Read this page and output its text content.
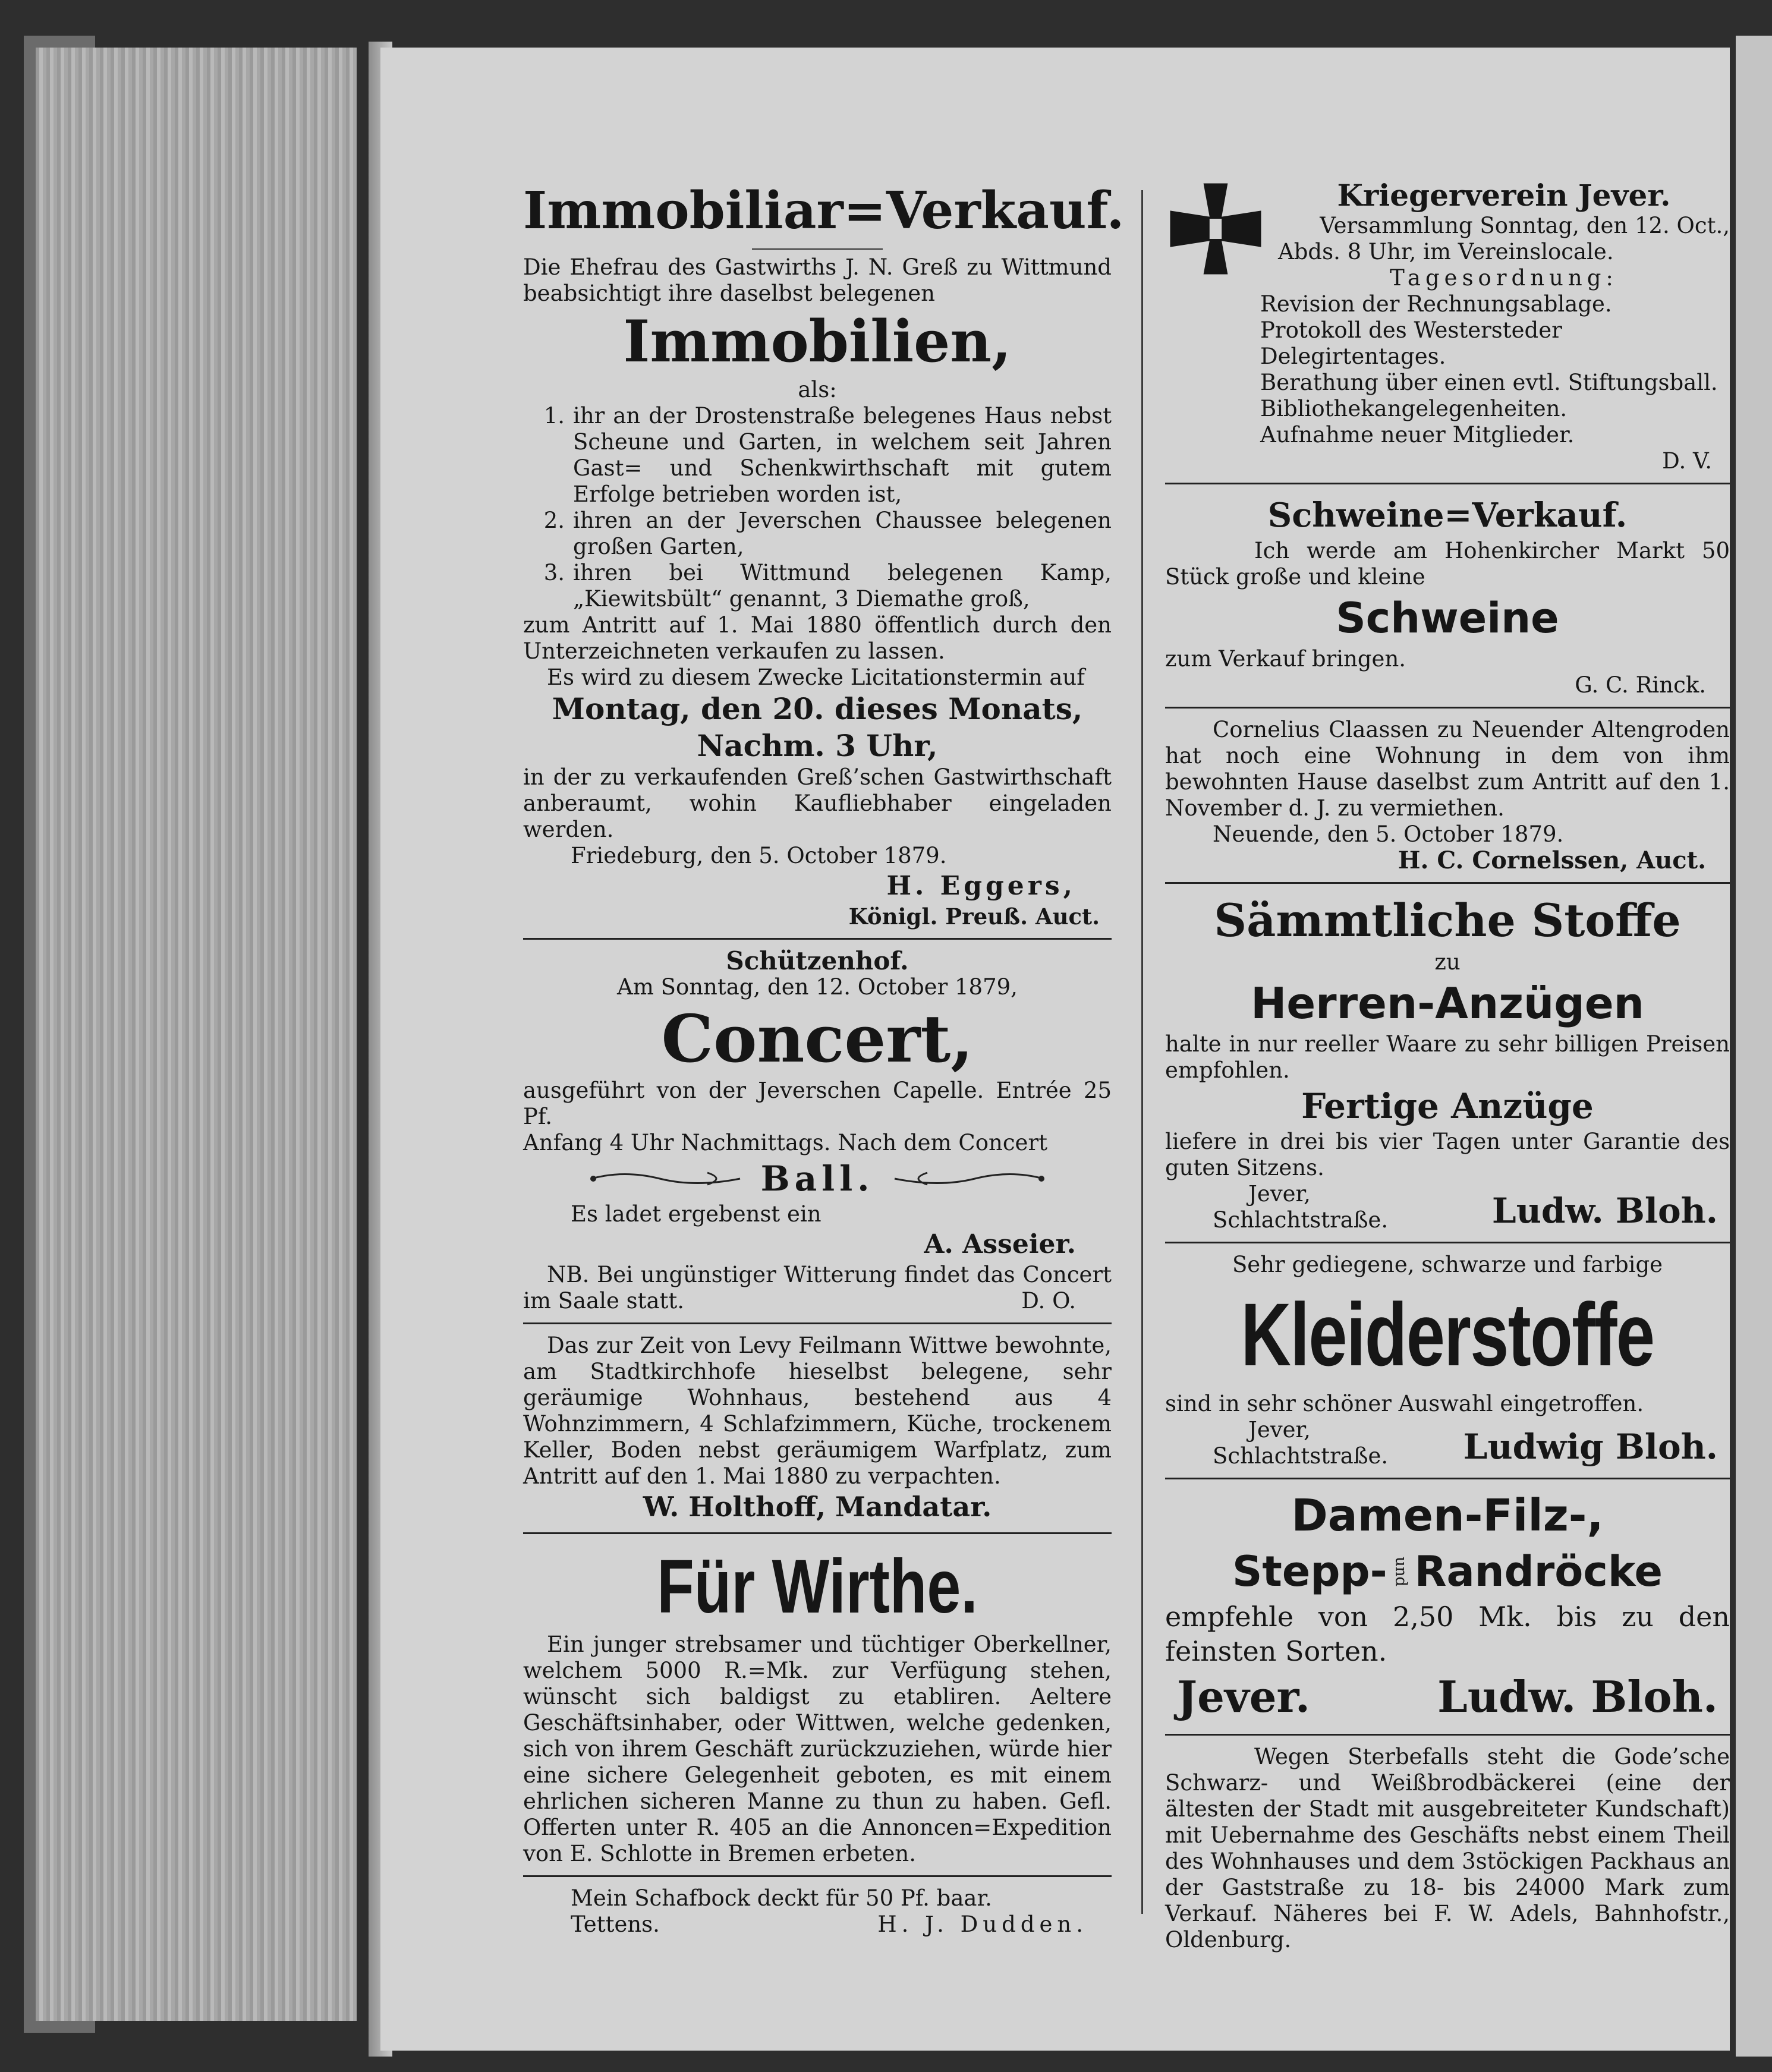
Immobiliar=Verkauf.

Die Ehefrau des Gastwirths J. N. Greß zu Wittmund beabsichtigt ihre daselbst belegenen

Immobilien,

als:

1. ihr an der Drostenstraße belegenes Haus nebst Scheune und Garten, in welchem seit Jahren Gast= und Schenkwirthschaft mit gutem Erfolge betrieben worden ist,
2. ihren an der Jeverschen Chaussee belegenen großen Garten,
3. ihren bei Wittmund belegenen Kamp, „Kiewitsbült“ genannt, 3 Diemathe groß,

zum Antritt auf 1. Mai 1880 öffentlich durch den Unterzeichneten verkaufen zu lassen.

Es wird zu diesem Zwecke Licitationstermin auf

Montag, den 20. dieses Monats,

Nachm. 3 Uhr,

in der zu verkaufenden Greß’schen Gastwirthschaft anberaumt, wohin Kaufliebhaber eingeladen werden.

Friedeburg, den 5. October 1879.

H. Eggers,

Königl. Preuß. Auct.

Schützenhof.

Am Sonntag, den 12. October 1879,

Concert,

ausgeführt von der Jeverschen Capelle. Entrée 25 Pf.

Anfang 4 Uhr Nachmittags. Nach dem Concert

Ball.

Es ladet ergebenst ein

A. Asseier.

NB. Bei ungünstiger Witterung findet das Concert im Saale statt.	D. O.

Das zur Zeit von Levy Feilmann Wittwe bewohnte, am Stadtkirchhofe hieselbst belegene, sehr geräumige Wohnhaus, bestehend aus 4 Wohnzimmern, 4 Schlafzimmern, Küche, trockenem Keller, Boden nebst geräumigem Warfplatz, zum Antritt auf den 1. Mai 1880 zu verpachten.

W. Holthoff, Mandatar.

Für Wirthe.

Ein junger strebsamer und tüchtiger Oberkellner, welchem 5000 R.=Mk. zur Verfügung stehen, wünscht sich baldigst zu etabliren. Aeltere Geschäftsinhaber, oder Wittwen, welche gedenken, sich von ihrem Geschäft zurückzuziehen, würde hier eine sichere Gelegenheit geboten, es mit einem ehrlichen sicheren Manne zu thun zu haben. Gefl. Offerten unter R. 405 an die Annoncen=Expedition von E. Schlotte in Bremen erbeten.

Mein Schafbock deckt für 50 Pf. baar.

Tettens.	H. J. Dudden.

Kriegerverein Jever.

Versammlung Sonntag, den 12. Oct.,

Abds. 8 Uhr, im Vereinslocale.

Tagesordnung:

Revision der Rechnungsablage.

Protokoll des Westersteder Delegirtentages.

Berathung über einen evtl. Stiftungsball.

Bibliothekangelegenheiten.

Aufnahme neuer Mitglieder.

D. V.

Schweine=Verkauf.

Ich werde am Hohenkircher Markt 50 Stück große und kleine

Schweine

zum Verkauf bringen.

G. C. Rinck.

Cornelius Claassen zu Neuender Altengroden hat noch eine Wohnung in dem von ihm bewohnten Hause daselbst zum Antritt auf den 1. November d. J. zu vermiethen.

Neuende, den 5. October 1879.

H. C. Cornelssen, Auct.

Sämmtliche Stoffe

zu

Herren-Anzügen

halte in nur reeller Waare zu sehr billigen Preisen empfohlen.

Fertige Anzüge

liefere in drei bis vier Tagen unter Garantie des guten Sitzens.

Jever,

Schlachtstraße.	Ludw. Bloh.

Sehr gediegene, schwarze und farbige

Kleiderstoffe

sind in sehr schöner Auswahl eingetroffen.

Jever,

Schlachtstraße. Ludwig Bloh.

Damen-Filz-,

Stepp- und Randröcke

empfehle von 2,50 Mk. bis zu den feinsten Sorten.

Jever.	Ludw. Bloh.

Wegen Sterbefalls steht die Gode’sche Schwarz- und Weißbrodbäckerei (eine der ältesten der Stadt mit ausgebreiteter Kundschaft) mit Uebernahme des Geschäfts nebst einem Theil des Wohnhauses und dem 3stöckigen Packhaus an der Gaststraße zu 18- bis 24000 Mark zum Verkauf. Näheres bei F. W. Adels, Bahnhofstr., Oldenburg.
